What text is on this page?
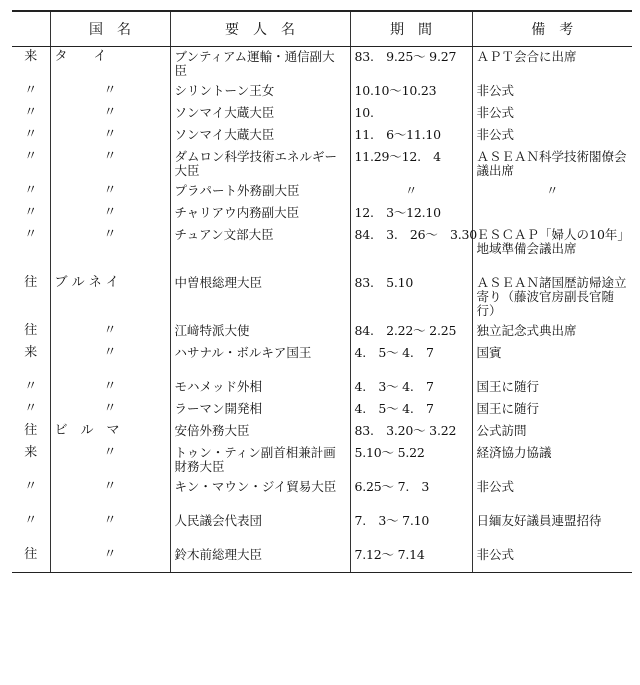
	国　名	要　人　名	期　間	備　考
来	タ　　イ	ブンティアム運輸・通信副大臣	83.　9.25〜 9.27	ＡＰＴ会合に出席
〃	〃	シリントーン王女	10.10〜10.23	非公式
〃	〃	ソンマイ大蔵大臣	10.	非公式
〃	〃	ソンマイ大蔵大臣	11.　6〜11.10	非公式
〃	〃	ダムロン科学技術エネルギー大臣	11.29〜12.　4	ＡＳＥＡＮ科学技術閣僚会議出席
〃	〃	プラパート外務副大臣	〃	〃
〃	〃	チャリアウ内務副大臣	12.　3〜12.10	
〃	〃	チュアン文部大臣	84.　3.　26〜　3.30	ＥＳＣＡＰ「婦人の10年」地域準備会議出席
往	ブ ル ネ イ	中曽根総理大臣	83.　5.10	ＡＳＥＡＮ諸国歴訪帰途立寄り（藤波官房副長官随行）
往	〃	江﨑特派大使	84.　2.22〜 2.25	独立記念式典出席
来	〃	ハサナル・ボルキア国王	4.　5〜 4.　7	国賓
〃	〃	モハメッド外相	4.　3〜 4.　7	国王に随行
〃	〃	ラーマン開発相	4.　5〜 4.　7	国王に随行
往	ビ　ル　マ	安倍外務大臣	83.　3.20〜 3.22	公式訪問
来	〃	トゥン・ティン副首相兼計画財務大臣	5.10〜 5.22	経済協力協議
〃	〃	キン・マウン・ジイ貿易大臣	6.25〜 7.　3	非公式
〃	〃	人民議会代表団	7.　3〜 7.10	日緬友好議員連盟招待
往	〃	鈴木前総理大臣	7.12〜 7.14	非公式
